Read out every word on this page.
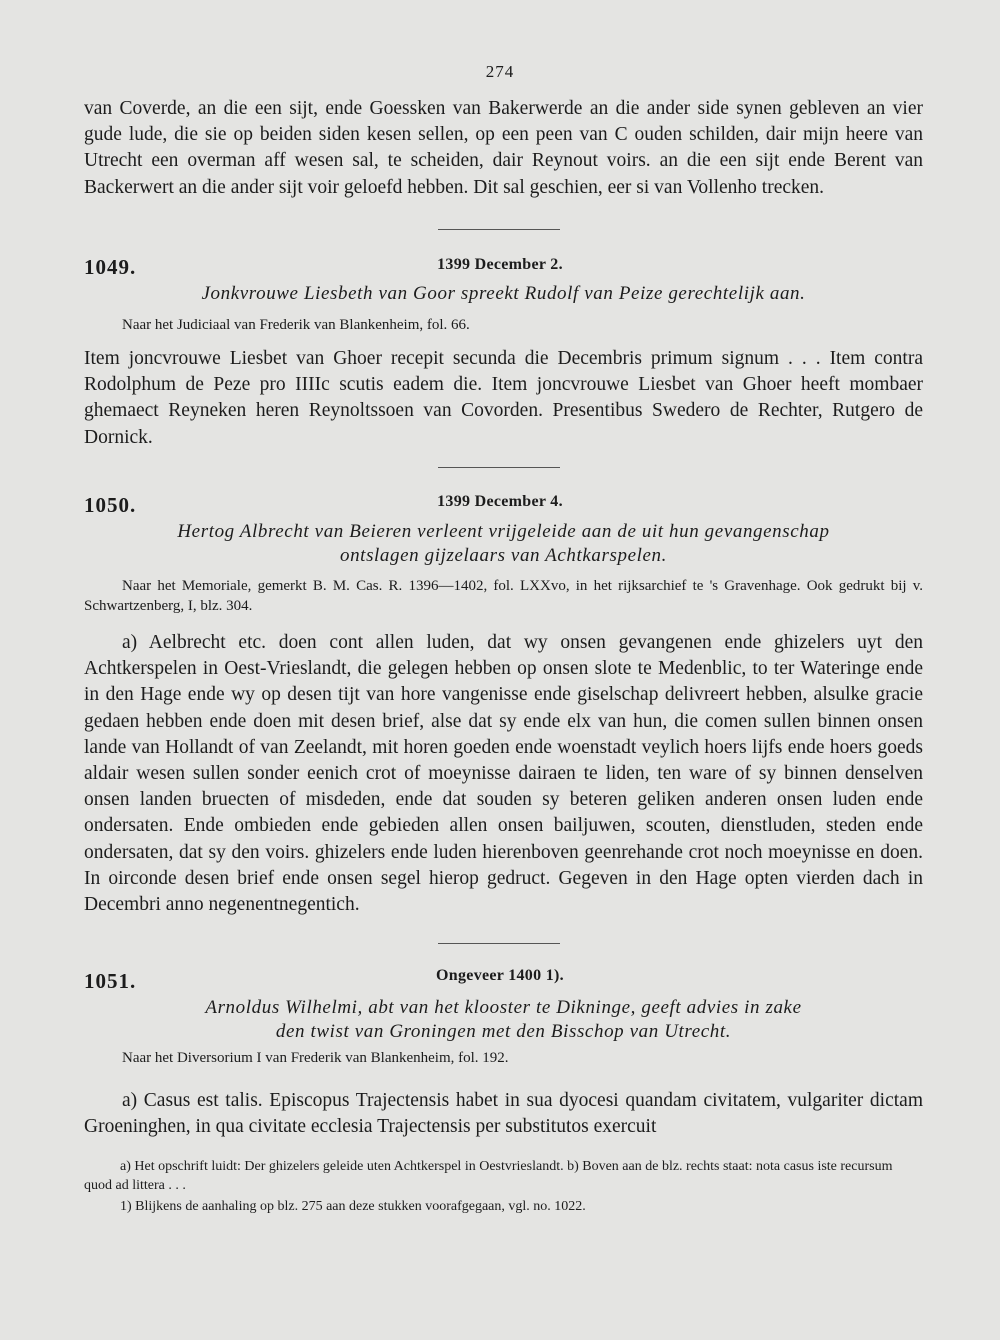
274
van Coverde, an die een sijt, ende Goessken van Bakerwerde an die ander side synen gebleven an vier gude lude, die sie op beiden siden kesen sellen, op een peen van C ouden schilden, dair mijn heere van Utrecht een overman aff wesen sal, te scheiden, dair Reynout voirs. an die een sijt ende Berent van Backerwert an die ander sijt voir geloefd hebben. Dit sal geschien, eer si van Vollenho trecken.
1049.	1399 December 2.
Jonkvrouwe Liesbeth van Goor spreekt Rudolf van Peize gerechtelijk aan.
Naar het Judiciaal van Frederik van Blankenheim, fol. 66.
Item joncvrouwe Liesbet van Ghoer recepit secunda die Decembris primum signum . . . Item contra Rodolphum de Peze pro IIIIc scutis eadem die. Item joncvrouwe Liesbet van Ghoer heeft mombaer ghemaect Reyneken heren Reynoltssoen van Covorden. Presentibus Swedero de Rechter, Rutgero de Dornick.
1050.	1399 December 4.
Hertog Albrecht van Beieren verleent vrijgeleide aan de uit hun gevangenschap
ontslagen gijzelaars van Achtkarspelen.
Naar het Memoriale, gemerkt B. M. Cas. R. 1396—1402, fol. LXXvo, in het rijksarchief te 's Gravenhage. Ook gedrukt bij v. Schwartzenberg, I, blz. 304.
a) Aelbrecht etc. doen cont allen luden, dat wy onsen gevangenen ende ghizelers uyt den Achtkerspelen in Oest-Vrieslandt, die gelegen hebben op onsen slote te Medenblic, to ter Wateringe ende in den Hage ende wy op desen tijt van hore vangenisse ende giselschap delivreert hebben, alsulke gracie gedaen hebben ende doen mit desen brief, alse dat sy ende elx van hun, die comen sullen binnen onsen lande van Hollandt of van Zeelandt, mit horen goeden ende woenstadt veylich hoers lijfs ende hoers goeds aldair wesen sullen sonder eenich crot of moeynisse dairaen te liden, ten ware of sy binnen denselven onsen landen bruecten of misdeden, ende dat souden sy beteren geliken anderen onsen luden ende ondersaten. Ende ombieden ende gebieden allen onsen bailjuwen, scouten, dienstluden, steden ende ondersaten, dat sy den voirs. ghizelers ende luden hierenboven geenrehande crot noch moeynisse en doen. In oirconde desen brief ende onsen segel hierop gedruct. Gegeven in den Hage opten vierden dach in Decembri anno negenentnegentich.
1051.	Ongeveer 1400 1).
Arnoldus Wilhelmi, abt van het klooster te Dikninge, geeft advies in zake
den twist van Groningen met den Bisschop van Utrecht.
Naar het Diversorium I van Frederik van Blankenheim, fol. 192.
a) Casus est talis. Episcopus Trajectensis habet in sua dyocesi quandam civitatem, vulgariter dictam Groeninghen, in qua civitate ecclesia Trajectensis per substitutos exercuit
a) Het opschrift luidt: Der ghizelers geleide uten Achtkerspel in Oestvrieslandt. b) Boven aan de blz. rechts staat: nota casus iste recursum quod ad littera . . .
1) Blijkens de aanhaling op blz. 275 aan deze stukken voorafgegaan, vgl. no. 1022.
